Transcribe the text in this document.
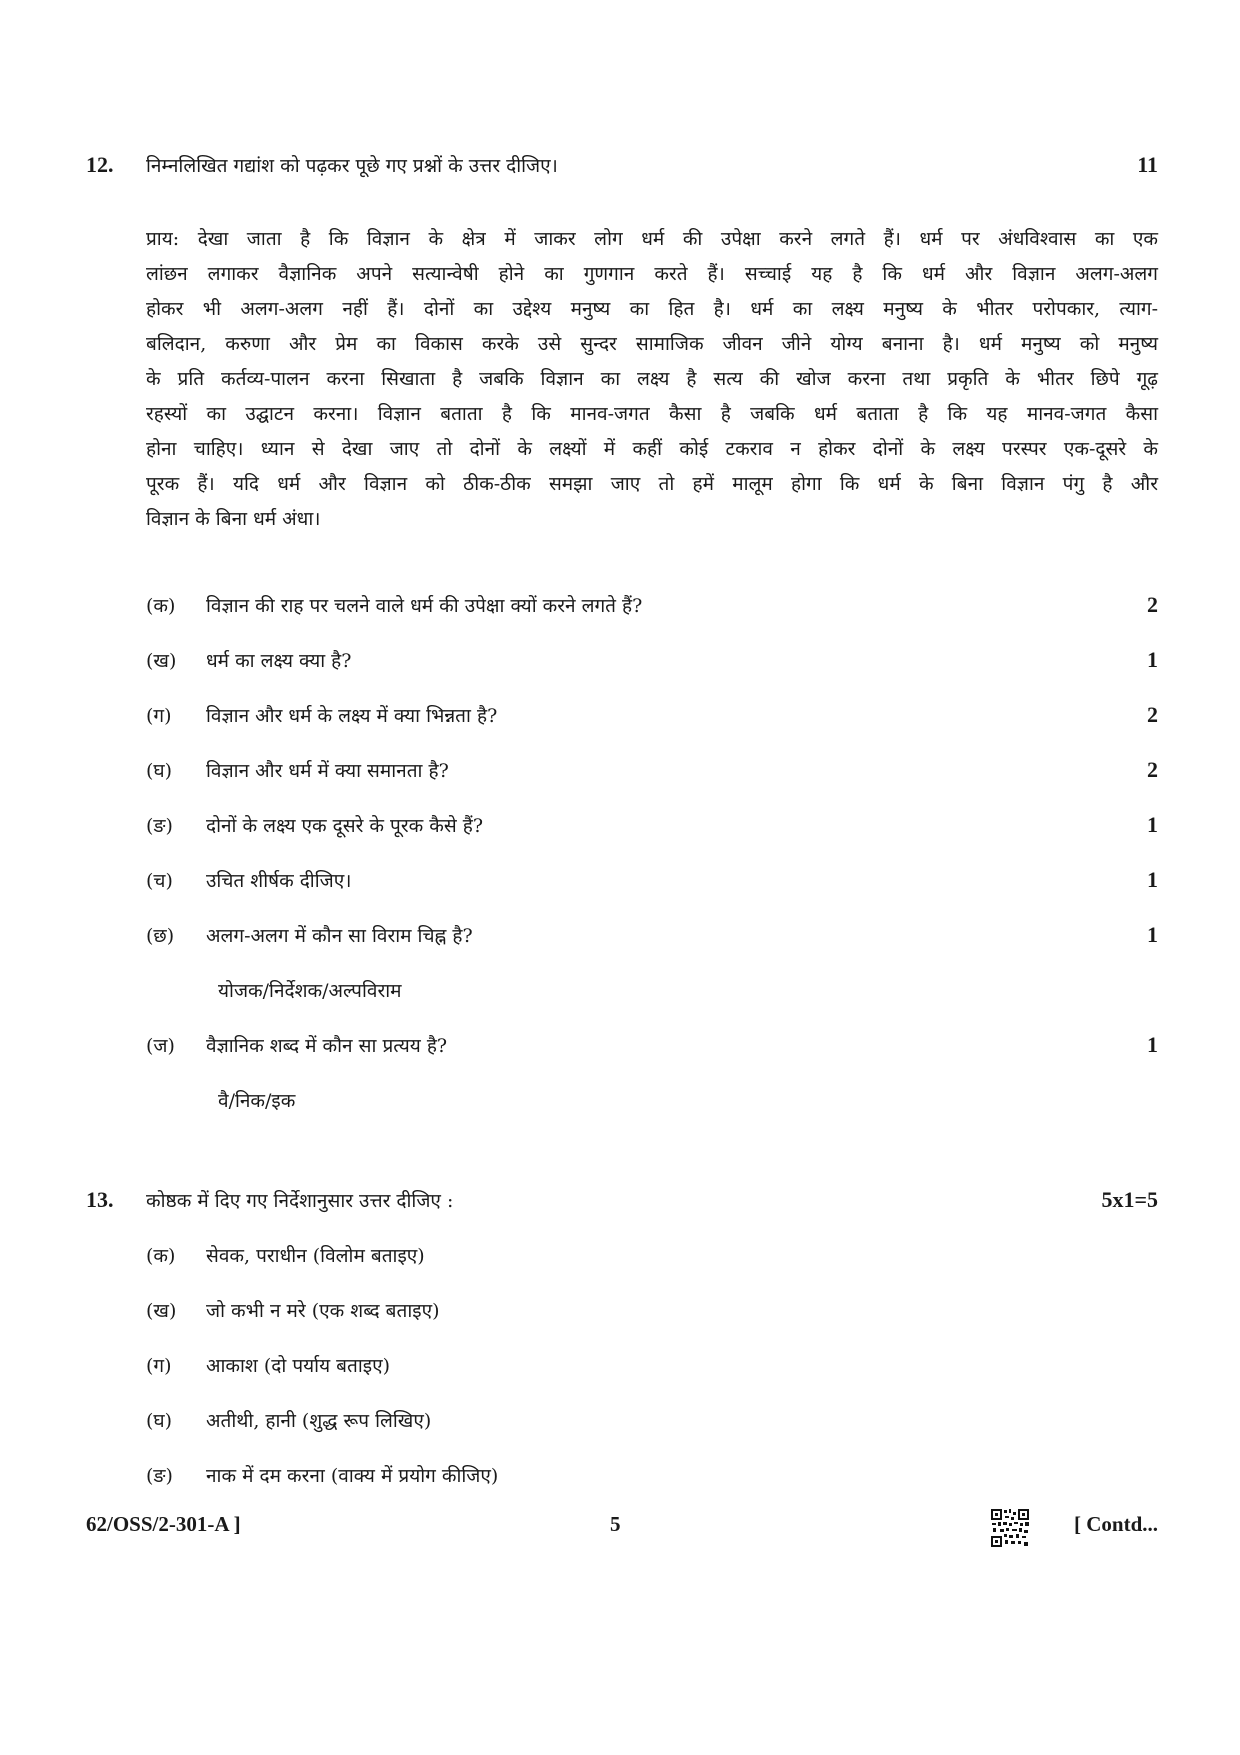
12. निम्नलिखित गद्यांश को पढ़कर पूछे गए प्रश्नों के उत्तर दीजिए।	11
प्राय: देखा जाता है कि विज्ञान के क्षेत्र में जाकर लोग धर्म की उपेक्षा करने लगते हैं। धर्म पर अंधविश्वास का एक
लांछन लगाकर वैज्ञानिक अपने सत्यान्वेषी होने का गुणगान करते हैं। सच्चाई यह है कि धर्म और विज्ञान अलग-अलग
होकर भी अलग-अलग नहीं हैं। दोनों का उद्देश्य मनुष्य का हित है। धर्म का लक्ष्य मनुष्य के भीतर परोपकार, त्याग-
बलिदान, करुणा और प्रेम का विकास करके उसे सुन्दर सामाजिक जीवन जीने योग्य बनाना है। धर्म मनुष्य को मनुष्य
के प्रति कर्तव्य-पालन करना सिखाता है जबकि विज्ञान का लक्ष्य है सत्य की खोज करना तथा प्रकृति के भीतर छिपे गूढ़
रहस्यों का उद्घाटन करना। विज्ञान बताता है कि मानव-जगत कैसा है जबकि धर्म बताता है कि यह मानव-जगत कैसा
होना चाहिए। ध्यान से देखा जाए तो दोनों के लक्ष्यों में कहीं कोई टकराव न होकर दोनों के लक्ष्य परस्पर एक-दूसरे के
पूरक हैं। यदि धर्म और विज्ञान को ठीक-ठीक समझा जाए तो हमें मालूम होगा कि धर्म के बिना विज्ञान पंगु है और
विज्ञान के बिना धर्म अंधा।
(क) विज्ञान की राह पर चलने वाले धर्म की उपेक्षा क्यों करने लगते हैं?	2
(ख) धर्म का लक्ष्य क्या है?	1
(ग) विज्ञान और धर्म के लक्ष्य में क्या भिन्नता है?	2
(घ) विज्ञान और धर्म में क्या समानता है?	2
(ङ) दोनों के लक्ष्य एक दूसरे के पूरक कैसे हैं?	1
(च) उचित शीर्षक दीजिए।	1
(छ) अलग-अलग में कौन सा विराम चिह्न है?	1
योजक/निर्देशक/अल्पविराम
(ज) वैज्ञानिक शब्द में कौन सा प्रत्यय है?	1
वै/निक/इक
13. कोष्ठक में दिए गए निर्देशानुसार उत्तर दीजिए :	5x1=5
(क) सेवक, पराधीन (विलोम बताइए)
(ख) जो कभी न मरे (एक शब्द बताइए)
(ग) आकाश (दो पर्याय बताइए)
(घ) अतीथी, हानी (शुद्ध रूप लिखिए)
(ङ) नाक में दम करना (वाक्य में प्रयोग कीजिए)
62/OSS/2-301-A ]	5	[ Contd...
